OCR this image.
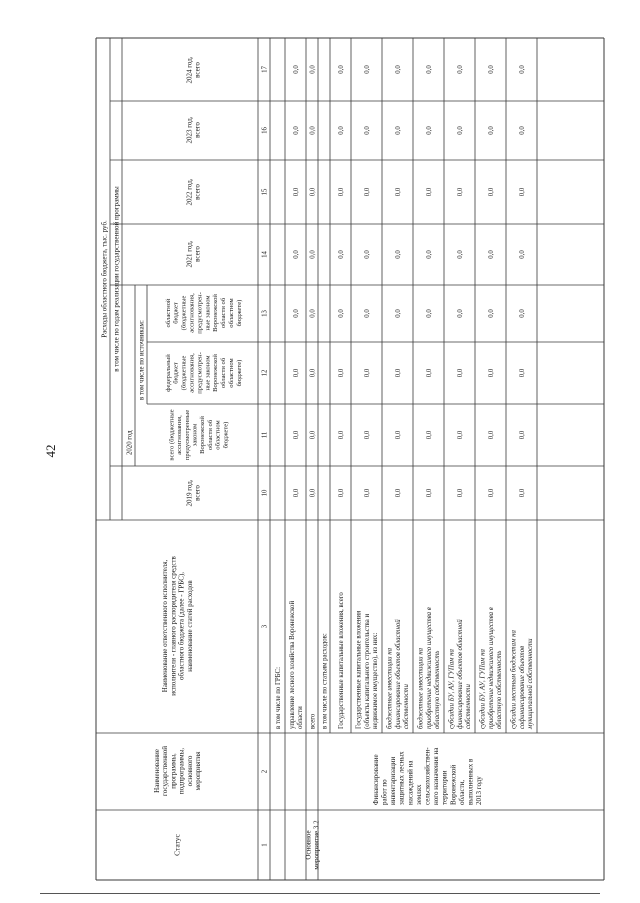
42
Статус
Наименование государственной программы, подпрограммы, основного мероприятия
Наименование ответственного исполнителя, исполнителя - главного распорядителя средств областного бюджета (далее - ГРБС), наименование статей расходов
Расходы областного бюджета, тыс. руб. в том числе по годам реализации государственной программы
2020 год
в том числе по источникам:
2019 год, всего
всего (бюджетные ассигнования, предусмотренные законом Воронежской области об областном бюджете)
федеральный бюджет (бюджетные ассигнования, предусмотрен- ные законом Воронежской области об областном бюджете)
областной бюджет (бюджетные ассигнования, предусмотрен- ные законом Воронежской области об областном бюджете)
2021 год, всего
2022 год, всего
2023 год, всего
2024 год, всего
1
2
3
10
11
12
13
14
15
16
17
Основное мероприятие 3.2
Финансирование работ по инвентаризации защитных лесных насаждений на землях сельскохозяйствен- ного назначения на территории Воронежской области, выполненных в 2013 году
в том числе по ГРБС: управление лесного хозяйства Воронежской области
0,0
0,0
0,0
0,0
0,0
0,0
0,0
0,0
всего
0,0
0,0
0,0
0,0
0,0
0,0
0,0
0,0
в том числе по статьям расходов: Государственные капитальные вложения, всего
0,0
0,0
0,0
0,0
0,0
0,0
0,0
0,0
Государственные капитальные вложения (объекты капитального строительства и недвижимое имущество), из них:
0,0
0,0
0,0
0,0
0,0
0,0
0,0
0,0
бюджетные инвестиции на финансирование объектов областной собственности
0,0
0,0
0,0
0,0
0,0
0,0
0,0
0,0
бюджетные инвестиции на приобретение недвижимого имущества в областную собственность
0,0
0,0
0,0
0,0
0,0
0,0
0,0
0,0
субсидии БУ, АУ, ГУПам на финансирование объектов областной собственности
0,0
0,0
0,0
0,0
0,0
0,0
0,0
0,0
субсидии БУ, АУ, ГУПам на приобретение недвижимого имущества в областную собственность
0,0
0,0
0,0
0,0
0,0
0,0
0,0
0,0
субсидии местным бюджетам на софинансирование объектов муниципальной собственности
0,0
0,0
0,0
0,0
0,0
0,0
0,0
0,0
